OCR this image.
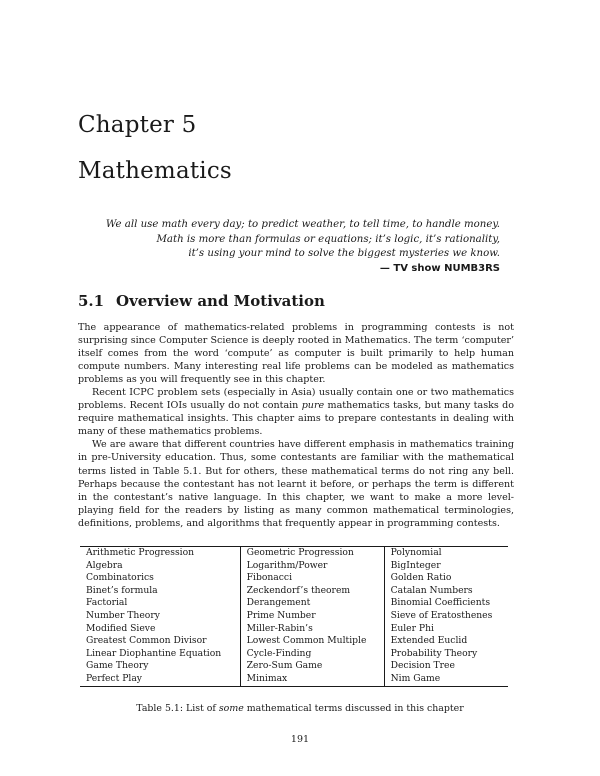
Chapter 5
Mathematics
We all use math every day; to predict weather, to tell time, to handle money.
Math is more than formulas or equations; it’s logic, it’s rationality,
it’s using your mind to solve the biggest mysteries we know.
— TV show NUMB3RS
5.1 Overview and Motivation

The appearance of mathematics-related problems in programming contests is not surprising since Computer Science is deeply rooted in Mathematics. The term ‘computer’ itself comes from the word ‘compute’ as computer is built primarily to help human compute numbers. Many interesting real life problems can be modeled as mathematics problems as you will frequently see in this chapter.

Recent ICPC problem sets (especially in Asia) usually contain one or two mathematics problems. Recent IOIs usually do not contain pure mathematics tasks, but many tasks do require mathematical insights. This chapter aims to prepare contestants in dealing with many of these mathematics problems.

We are aware that different countries have different emphasis in mathematics training in pre-University education. Thus, some contestants are familiar with the mathematical terms listed in Table 5.1. But for others, these mathematical terms do not ring any bell. Perhaps because the contestant has not learnt it before, or perhaps the term is different in the contestant’s native language. In this chapter, we want to make a more level-playing field for the readers by listing as many common mathematical terminologies, definitions, problems, and algorithms that frequently appear in programming contests.

Arithmetic Progression	Geometric Progression	Polynomial
Algebra	Logarithm/Power	BigInteger
Combinatorics	Fibonacci	Golden Ratio
Binet’s formula	Zeckendorf’s theorem	Catalan Numbers
Factorial	Derangement	Binomial Coefficients
Number Theory	Prime Number	Sieve of Eratosthenes
Modified Sieve	Miller-Rabin’s	Euler Phi
Greatest Common Divisor	Lowest Common Multiple	Extended Euclid
Linear Diophantine Equation	Cycle-Finding	Probability Theory
Game Theory	Zero-Sum Game	Decision Tree
Perfect Play	Minimax	Nim Game
Table 5.1: List of some mathematical terms discussed in this chapter
191
